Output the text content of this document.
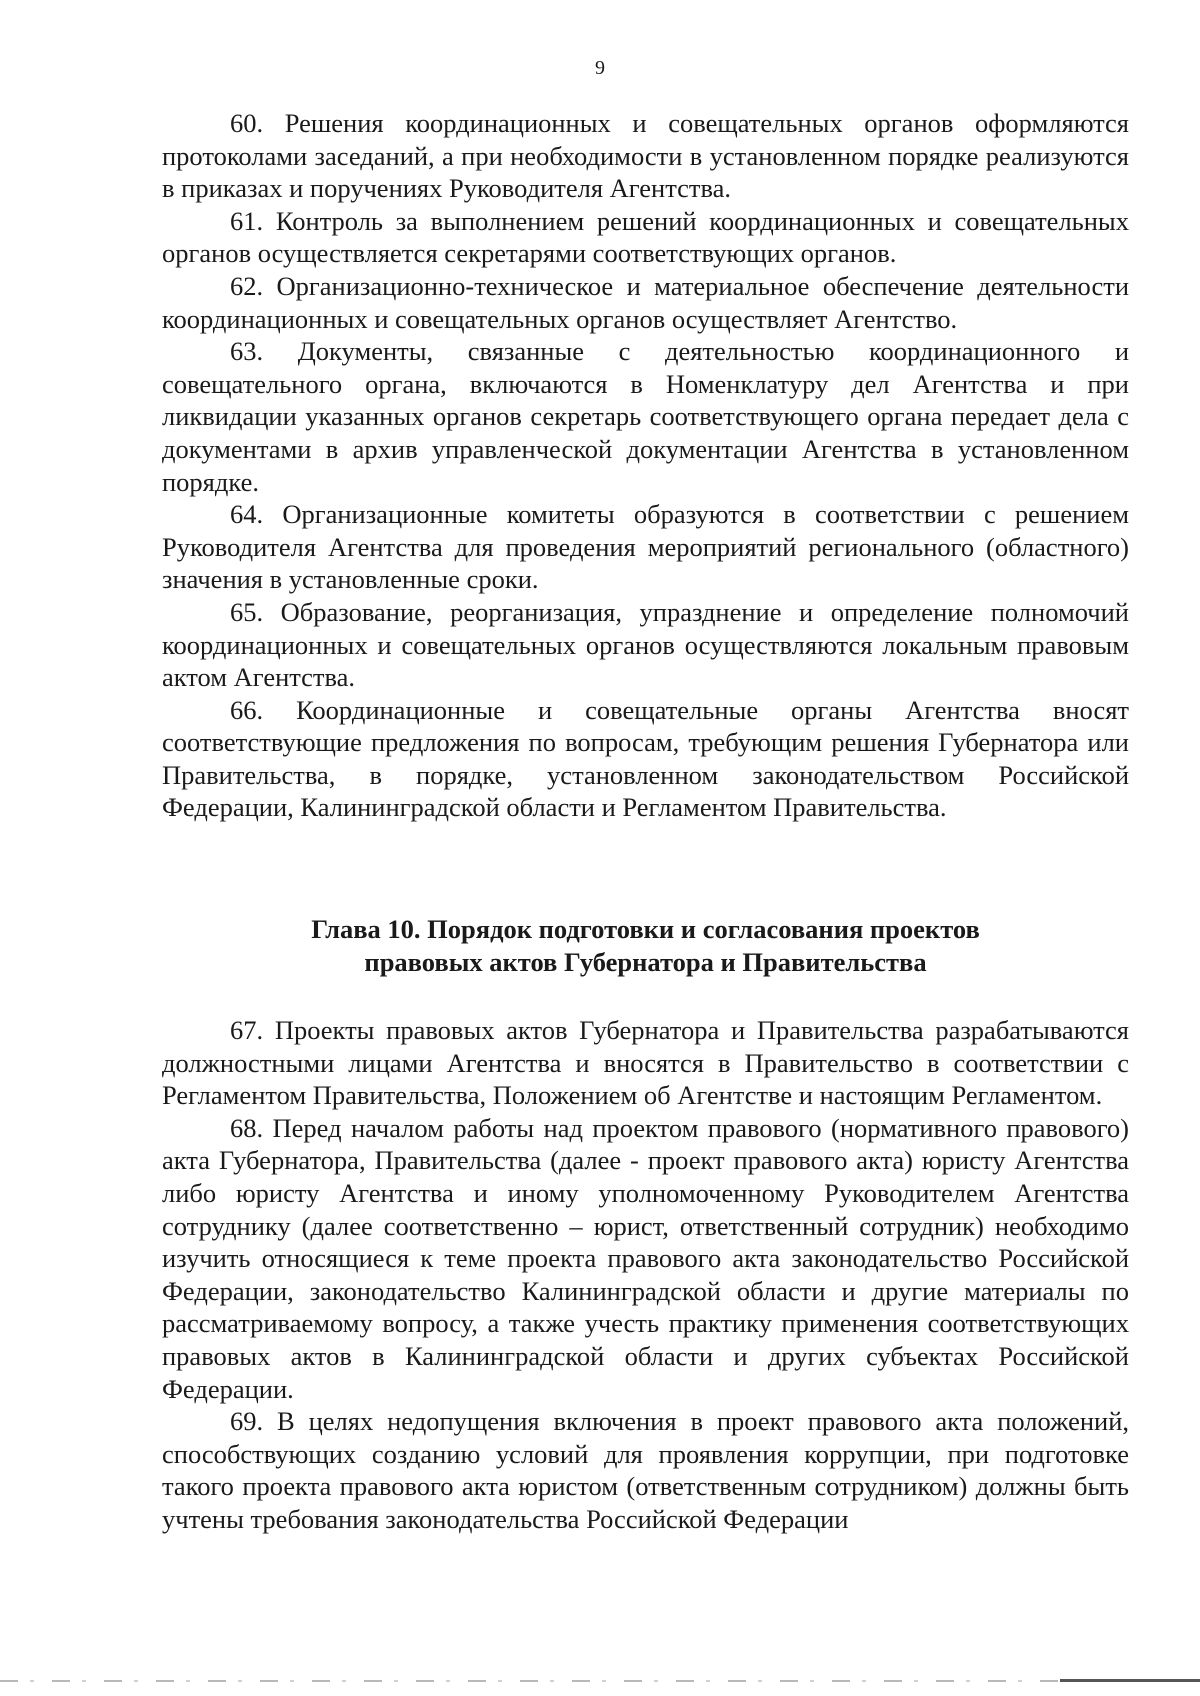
9

60. Решения координационных и совещательных органов оформляются протоколами заседаний, а при необходимости в установленном порядке реализуются в приказах и поручениях Руководителя Агентства.

61. Контроль за выполнением решений координационных и совещательных органов осуществляется секретарями соответствующих органов.

62. Организационно-техническое и материальное обеспечение деятельности координационных и совещательных органов осуществляет Агентство.

63. Документы, связанные с деятельностью координационного и совещательного органа, включаются в Номенклатуру дел Агентства и при ликвидации указанных органов секретарь соответствующего органа передает дела с документами в архив управленческой документации Агентства в установленном порядке.

64. Организационные комитеты образуются в соответствии с решением Руководителя Агентства для проведения мероприятий регионального (областного) значения в установленные сроки.

65. Образование, реорганизация, упразднение и определение полномочий координационных и совещательных органов осуществляются локальным правовым актом Агентства.

66. Координационные и совещательные органы Агентства вносят соответствующие предложения по вопросам, требующим решения Губернатора или Правительства, в порядке, установленном законодательством Российской Федерации, Калининградской области и Регламентом Правительства.

Глава 10. Порядок подготовки и согласования проектов
правовых актов Губернатора и Правительства

67. Проекты правовых актов Губернатора и Правительства разрабатываются должностными лицами Агентства и вносятся в Правительство в соответствии с Регламентом Правительства, Положением об Агентстве и настоящим Регламентом.

68. Перед началом работы над проектом правового (нормативного правового) акта Губернатора, Правительства (далее - проект правового акта) юристу Агентства либо юристу Агентства и иному уполномоченному Руководителем Агентства сотруднику (далее соответственно – юрист, ответственный сотрудник) необходимо изучить относящиеся к теме проекта правового акта законодательство Российской Федерации, законодательство Калининградской области и другие материалы по рассматриваемому вопросу, а также учесть практику применения соответствующих правовых актов в Калининградской области и других субъектах Российской Федерации.

69. В целях недопущения включения в проект правового акта положений, способствующих созданию условий для проявления коррупции, при подготовке такого проекта правового акта юристом (ответственным сотрудником) должны быть учтены требования законодательства Российской Федерации
